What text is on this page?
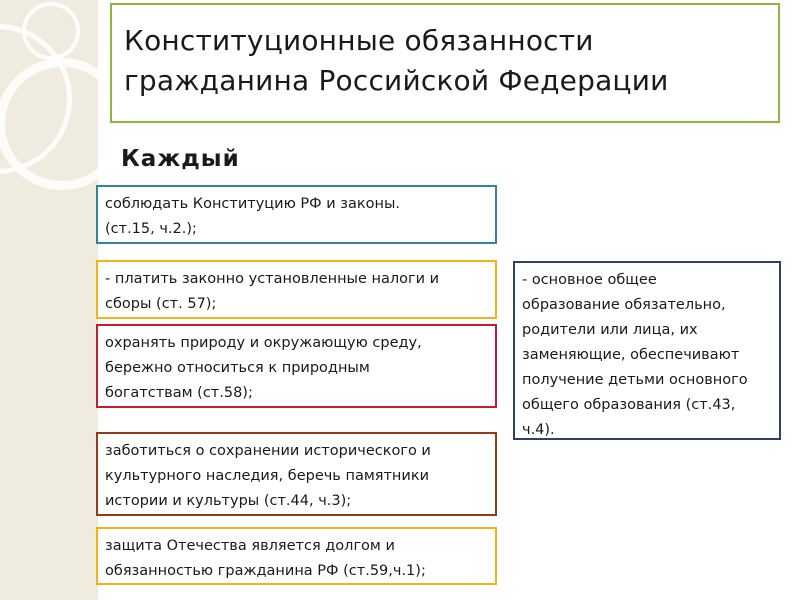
Конституционные обязанности
гражданина Российской Федерации
Каждый
соблюдать Конституцию РФ и законы.
(ст.15, ч.2.);
- платить законно установленные налоги и
сборы (ст. 57);
охранять природу и окружающую среду,
бережно относиться к природным
богатствам (ст.58);
заботиться о сохранении исторического и
культурного наследия, беречь памятники
истории и культуры (ст.44, ч.3);
защита Отечества является долгом и
обязанностью гражданина РФ (ст.59,ч.1);
- основное общее
образование обязательно,
родители или лица, их
заменяющие, обеспечивают
получение детьми основного
общего образования (ст.43,
ч.4).
